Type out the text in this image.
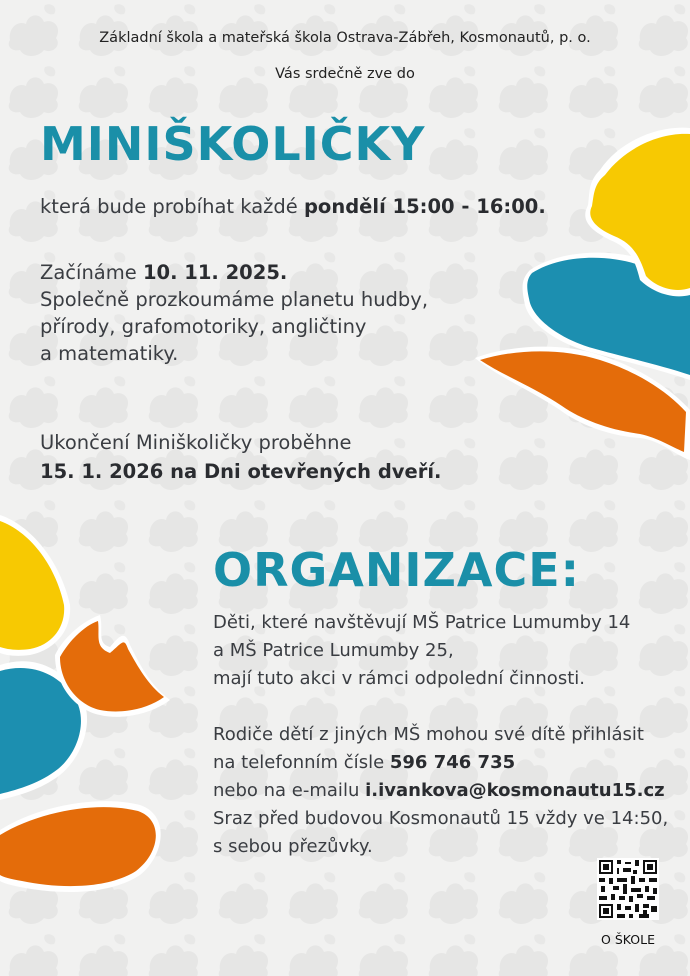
Základní škola a mateřská škola Ostrava-Zábřeh, Kosmonautů, p. o.
Vás srdečně zve do
MINIŠKOLIČKY
která bude probíhat každé pondělí 15:00 - 16:00.
Začínáme 10. 11. 2025.
Společně prozkoumáme planetu hudby,
přírody, grafomotoriky, angličtiny
a matematiky.
Ukončení Miniškoličky proběhne
15. 1. 2026 na Dni otevřených dveří.
ORGANIZACE:
Děti, které navštěvují MŠ Patrice Lumumby 14
a MŠ Patrice Lumumby 25,
mají tuto akci v rámci odpolední činnosti.
Rodiče dětí z jiných MŠ mohou své dítě přihlásit
na telefonním čísle 596 746 735
nebo na e-mailu i.ivankova@kosmonautu15.cz
Sraz před budovou Kosmonautů 15 vždy ve 14:50,
s sebou přezůvky.
O ŠKOLE
